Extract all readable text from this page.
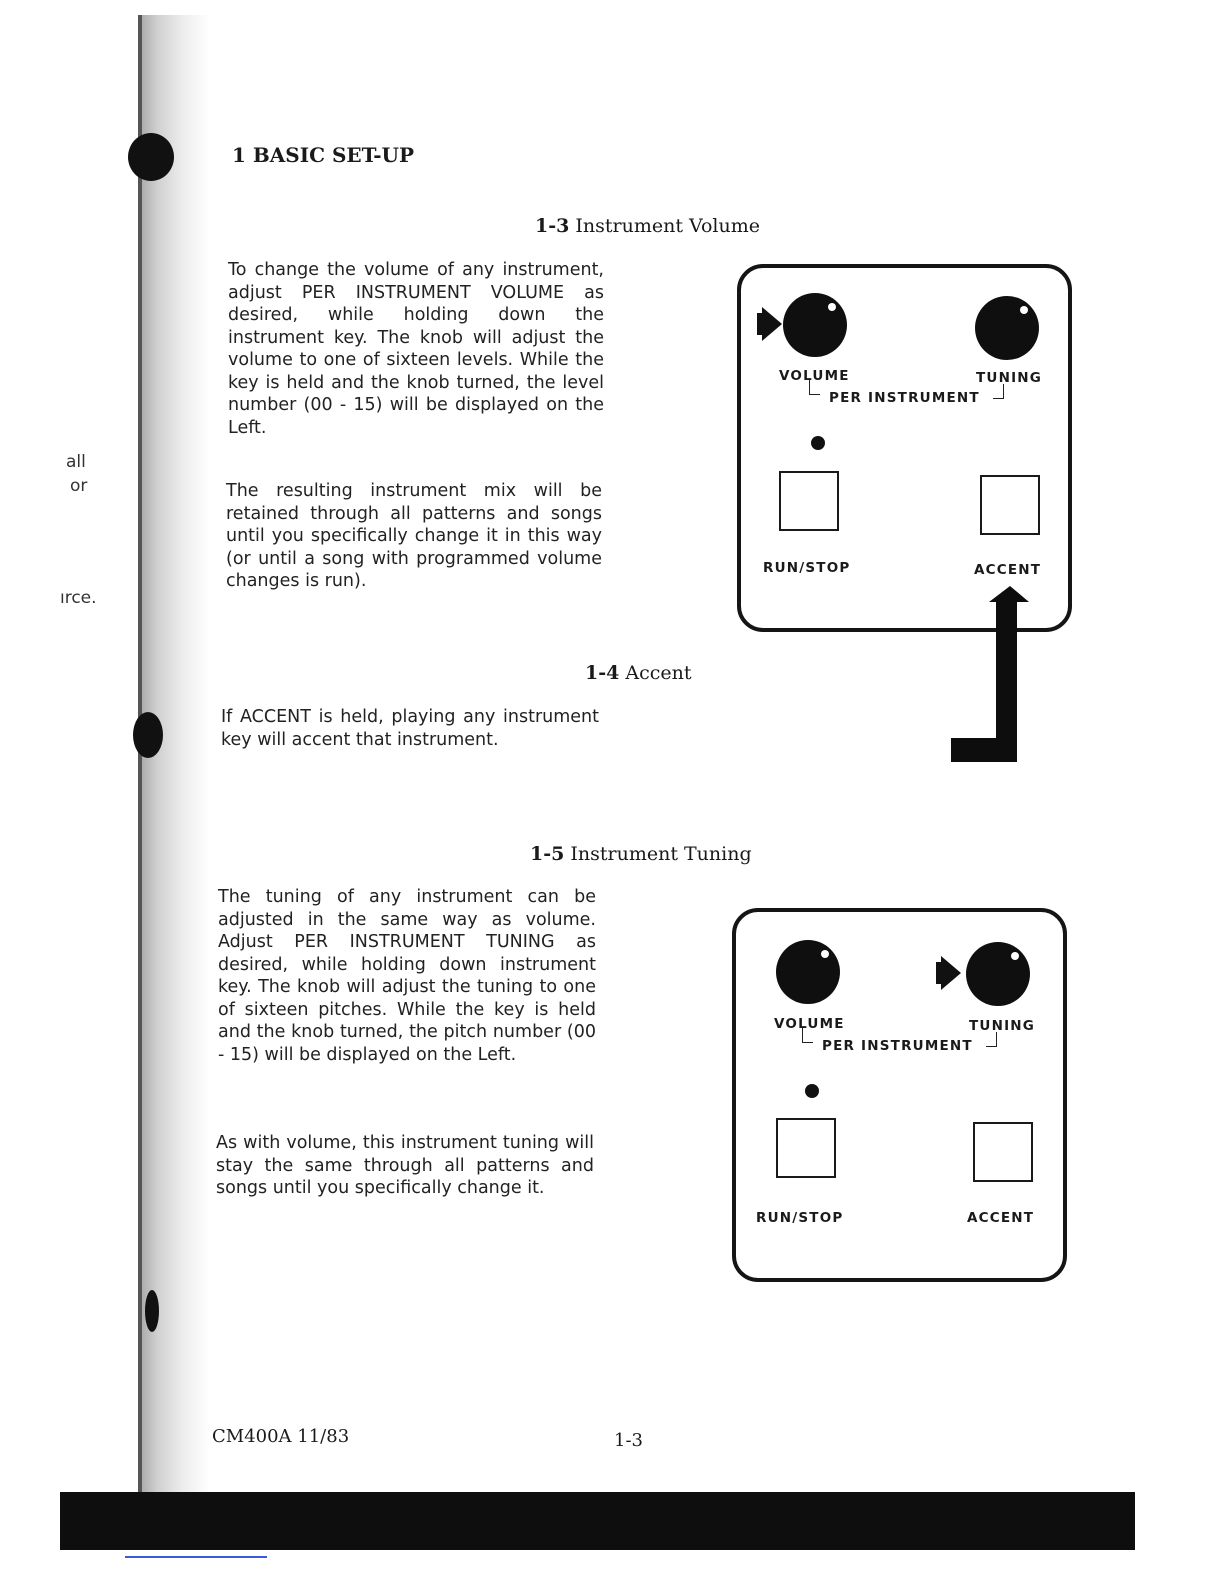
all
or
ırce.
1 BASIC SET-UP
1-3 Instrument Volume
To change the volume of any instrument, adjust PER INSTRUMENT VOLUME as desired, while holding down the instrument key. The knob will adjust the volume to one of sixteen levels. While the key is held and the knob turned, the level number (00 - 15) will be displayed on the Left.
The resulting instrument mix will be retained through all patterns and songs until you specifically change it in this way (or until a song with programmed volume changes is run).
VOLUME	TUNING
PER INSTRUMENT
RUN/STOP	ACCENT
1-4 Accent
If ACCENT is held, playing any instrument key will accent that instrument.
1-5 Instrument Tuning
The tuning of any instrument can be adjusted in the same way as volume. Adjust PER INSTRUMENT TUNING as desired, while holding down instrument key. The knob will adjust the tuning to one of sixteen pitches. While the key is held and the knob turned, the pitch number (00 - 15) will be displayed on the Left.
As with volume, this instrument tuning will stay the same through all patterns and songs until you specifically change it.
VOLUME	TUNING
PER INSTRUMENT
RUN/STOP	ACCENT
CM400A 11/83	1-3
